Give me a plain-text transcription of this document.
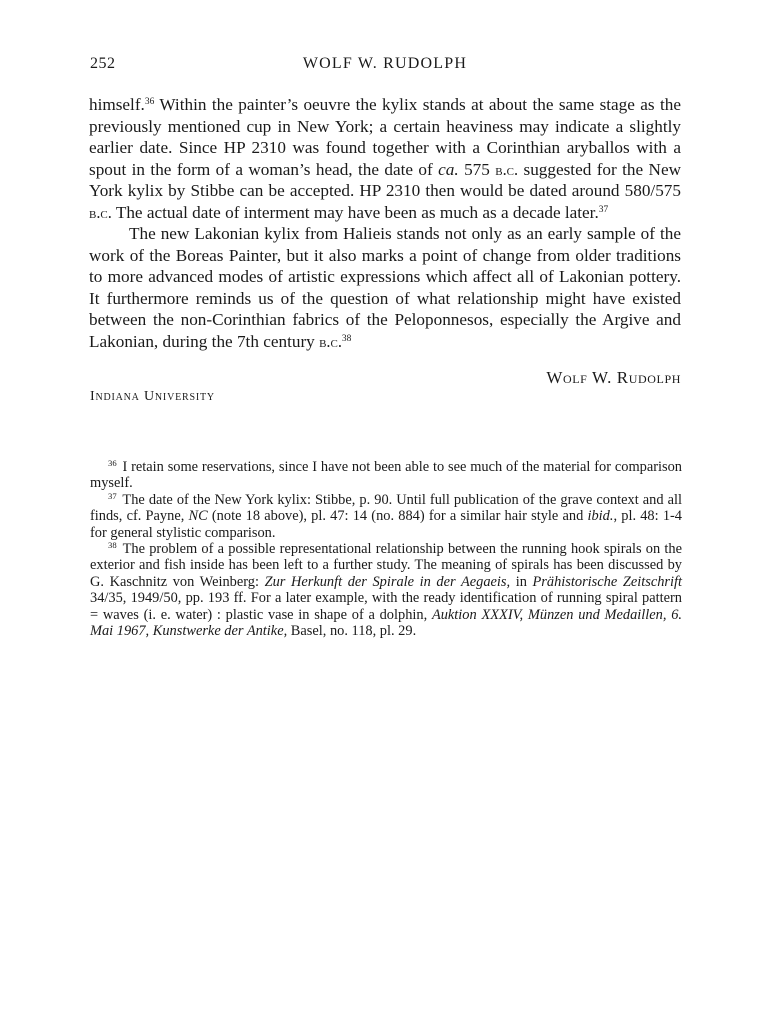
252	WOLF W. RUDOLPH

himself.$^{36}$ Within the painter’s oeuvre the kylix stands at about the same stage as the previously mentioned cup in New York; a certain heaviness may indicate a slightly earlier date. Since HP 2310 was found together with a Corinthian aryballos with a spout in the form of a woman’s head, the date of ca. 575 b.c. suggested for the New York kylix by Stibbe can be accepted. HP 2310 then would be dated around 580/575 b.c. The actual date of interment may have been as much as a decade later.$^{37}$

The new Lakonian kylix from Halieis stands not only as an early sample of the work of the Boreas Painter, but it also marks a point of change from older traditions to more advanced modes of artistic expressions which affect all of Lakonian pottery. It furthermore reminds us of the question of what relationship might have existed between the non-Corinthian fabrics of the Peloponnesos, especially the Argive and Lakonian, during the 7th century b.c.$^{38}$

Wolf W. Rudolph
Indiana University

$^{36}$ I retain some reservations, since I have not been able to see much of the material for comparison myself.

$^{37}$ The date of the New York kylix: Stibbe, p. 90. Until full publication of the grave context and all finds, cf. Payne, NC (note 18 above), pl. 47: 14 (no. 884) for a similar hair style and ibid., pl. 48: 1-4 for general stylistic comparison.

$^{38}$ The problem of a possible representational relationship between the running hook spirals on the exterior and fish inside has been left to a further study. The meaning of spirals has been discussed by G. Kaschnitz von Weinberg: Zur Herkunft der Spirale in der Aegaeis, in Prähistorische Zeitschrift 34/35, 1949/50, pp. 193 ff. For a later example, with the ready identification of running spiral pattern = waves (i. e. water) : plastic vase in shape of a dolphin, Auktion XXXIV, Münzen und Medaillen, 6. Mai 1967, Kunstwerke der Antike, Basel, no. 118, pl. 29.
